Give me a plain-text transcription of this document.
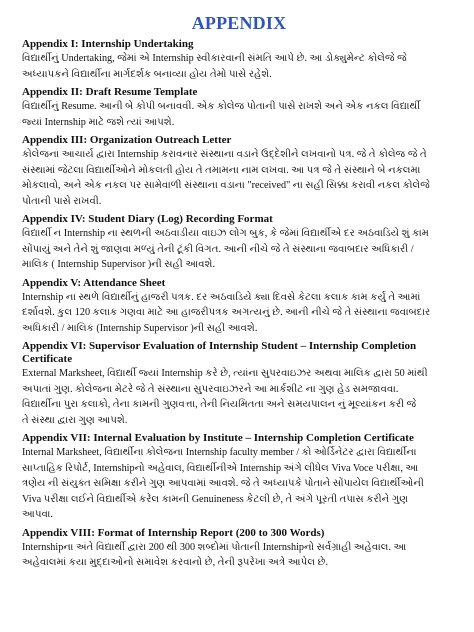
APPENDIX
Appendix I: Internship Undertaking
વિદ્યાર્થીનું Undertaking, જેમાં એ Internship સ્વીકારવાની સંમતિ આપે છે. આ ડોક્યુમેન્ટ કોલેજે જે
અધ્યાપકને વિદ્યાર્થીના માર્ગદર્શક બનાવ્યા હોય તેમો પાસે રહેશે.
Appendix II: Draft Resume Template
વિદ્યાર્થીનું Resume. આની બે કોપી બનાવવી. એક કોલેજ પોતાની પાસે રાખશે અને એક નકલ વિદ્યાર્થી
જ્યાં Internship માટે જશે ત્યાં આપશે.
Appendix III: Organization Outreach Letter
કોલેજના આચાર્ય દ્વારા Internship કરાવનાર સંસ્થાના વડાને ઉદ્દેશીને લખવાનો પત્ર. જે તે કોલેજ જે તે
સંસ્થામાં જેટલા વિદ્યાર્થીઓને મોકલતી હોય તે તમામના નામ લખવા. આ પત્ર જે તે સંસ્થાને બે નકલમા
મોકલાવો, અને એક નકલ પર સામેવાળી સંસ્થાના વડાના "received" ના સહી સિક્કા કરાવી નકલ કોલેજે
પોતાની પાસે રાખવી.
Appendix IV: Student Diary (Log) Recording Format
વિદ્યાર્થી ન Internship ના સ્થળની અઠવાડીયા વાઇઝ લોગ બુક, કે જેમાં વિદ્યાર્થીએ દર અઠવાડિયે શું કામ
સોંપાયું અને તેને શું જાણવા મળ્યું તેની ટૂંકી વિગત. આની નીચે જે તે સંસ્થાના જવાબદાર અધિકારી /
માલિક ( Internship Supervisor )ની સહી આવશે.
Appendix V: Attendance Sheet
Internship ના સ્થળે વિદ્યાર્થીનું હાજરી પત્રક. દર અઠવાડિયે ક્યા દિવસે કેટલા કલાક કામ કર્યું તે આમાં
દર્શાવશે. કુલ 120 કલાક ગણવા માટે આ હાજરીપત્રક અગત્યનું છે. આની નીચે જે તે સંસ્થાના જવાબદાર
અધિકારી / માલિક (Internship Supervisor )ની સહી આવશે.
Appendix VI: Supervisor Evaluation of Internship Student – Internship Completion Certificate
External Marksheet, વિદ્યાર્થી જ્યાં Internship કરે છે, ત્યાંના સુપરવાઇઝર અથવા માલિક દ્વારા 50 માંથી
અપાતાં ગુણ. કોલેજના મેટરે જે તે સંસ્થાના સુપરવાઇઝરને આ માર્કશીટ ના ગુણ હેડ સમજાવવા.
વિદ્યાર્થીના પુરા કલાકો, તેના કામની ગુણવત્તા, તેની નિયમિતતા અને સમયપાલન નું મૂલ્યાંકન કરી જે
તે સંસ્થા દ્વારા ગુણ આપશે.
Appendix VII: Internal Evaluation by Institute – Internship Completion Certificate
Internal Marksheet, વિદ્યાર્થીના કોલેજના Internship faculty member / કો ઓર્ડિનેટર દ્વારા વિદ્યાર્થીના
સાપ્તાહિક રિપોર્ટ, Internshipનો અહેવાલ, વિદ્યાર્થીનીએ Internship અંગે લીધેલ Viva Voce પરીક્ષા, આ
ત્રણેય ની સંયુક્ત સમિક્ષા કરીને ગુણ આપવામાં આવશે. જે તે અધ્યાપકે પોતાને સોંપાયેલ વિદ્યાર્થીઓની
Viva પરીક્ષા લઈને વિદ્યાર્થીએ કરેલ કામની Genuineness કેટલી છે, તે અંગે પૂરતી તપાસ કરીને ગુણ
આપવા.
Appendix VIII: Format of Internship Report (200 to 300 Words)
Internshipના અંતે વિદ્યાર્થી દ્વારા 200 થી 300 શબ્દોમાં પોતાની Internshipનો સર્વગ્રાહી અહેવાલ. આ
અહેવાલમાં કયા મુદ્દાઓનો સમાવેશ કરવાનો છે, તેની રૂપરેખા અત્રે આપેલ છે.
